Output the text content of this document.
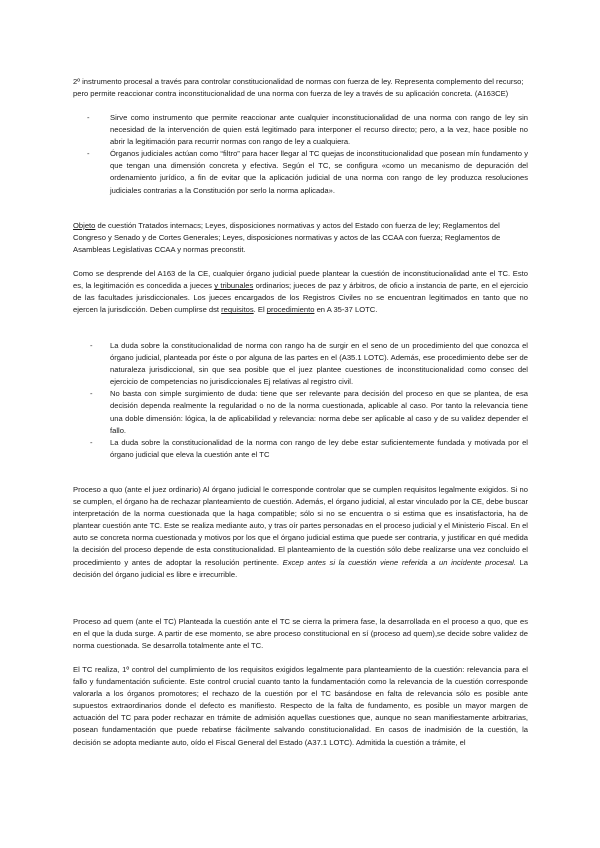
2º instrumento procesal a través para controlar constitucionalidad de normas con fuerza de ley. Representa complemento del recurso; pero permite reaccionar contra inconstitucionalidad de una norma con fuerza de ley a través de su aplicación concreta. (A163CE)

- Sirve como instrumento que permite reaccionar ante cualquier inconstitucionalidad de una norma con rango de ley sin necesidad de la intervención de quien está legitimado para interponer el recurso directo; pero, a la vez, hace posible no abrir la legitimación para recurrir normas con rango de ley a cualquiera.
- Órganos judiciales actúan como “filtro” para hacer llegar al TC quejas de inconstitucionalidad que posean mín fundamento y que tengan una dimensión concreta y efectiva. Según el TC, se configura «como un mecanismo de depuración del ordenamiento jurídico, a fin de evitar que la aplicación judicial de una norma con rango de ley produzca resoluciones judiciales contrarias a la Constitución por serlo la norma aplicada».

Objeto de cuestión Tratados internacs; Leyes, disposiciones normativas y actos del Estado con fuerza de ley; Reglamentos del Congreso y Senado y de Cortes Generales; Leyes, disposiciones normativas y actos de las CCAA con fuerza; Reglamentos de Asambleas Legislativas CCAA y normas preconstit.

Como se desprende del A163 de la CE, cualquier órgano judicial puede plantear la cuestión de inconstitucionalidad ante el TC. Esto es, la legitimación es concedida a jueces y tribunales ordinarios; jueces de paz y árbitros, de oficio a instancia de parte, en el ejercicio de las facultades jurisdiccionales. Los jueces encargados de los Registros Civiles no se encuentran legitimados en tanto que no ejercen la jurisdicción. Deben cumplirse dst requisitos. El procedimiento en A 35-37 LOTC.

- La duda sobre la constitucionalidad de norma con rango ha de surgir en el seno de un procedimiento del que conozca el órgano judicial, planteada por éste o por alguna de las partes en el (A35.1 LOTC). Además, ese procedimiento debe ser de naturaleza jurisdiccional, sin que sea posible que el juez plantee cuestiones de inconstitucionalidad como consec del ejercicio de competencias no jurisdiccionales Ej relativas al registro civil.
- No basta con simple surgimiento de duda: tiene que ser relevante para decisión del proceso en que se plantea, de esa decisión dependa realmente la regularidad o no de la norma cuestionada, aplicable al caso. Por tanto la relevancia tiene una doble dimensión: lógica, la de aplicabilidad y relevancia: norma debe ser aplicable al caso y de su validez depender el fallo.
- La duda sobre la constitucionalidad de la norma con rango de ley debe estar suficientemente fundada y motivada por el órgano judicial que eleva la cuestión ante el TC

Proceso a quo (ante el juez ordinario) Al órgano judicial le corresponde controlar que se cumplen requisitos legalmente exigidos. Si no se cumplen, el órgano ha de rechazar planteamiento de cuestión. Además, el órgano judicial, al estar vinculado por la CE, debe buscar interpretación de la norma cuestionada que la haga compatible; sólo si no se encuentra o si estima que es insatisfactoria, ha de plantear cuestión ante TC. Este se realiza mediante auto, y tras oír partes personadas en el proceso judicial y el Ministerio Fiscal. En el auto se concreta norma cuestionada y motivos por los que el órgano judicial estima que puede ser contraria, y justificar en qué medida la decisión del proceso depende de esta constitucionalidad. El planteamiento de la cuestión sólo debe realizarse una vez concluido el procedimiento y antes de adoptar la resolución pertinente. Excep antes si la cuestión viene referida a un incidente procesal. La decisión del órgano judicial es libre e irrecurrible.

Proceso ad quem (ante el TC) Planteada la cuestión ante el TC se cierra la primera fase, la desarrollada en el proceso a quo, que es en el que la duda surge. A partir de ese momento, se abre proceso constitucional en sí (proceso ad quem),se decide sobre validez de norma cuestionada. Se desarrolla totalmente ante el TC.

El TC realiza, 1º control del cumplimiento de los requisitos exigidos legalmente para planteamiento de la cuestión: relevancia para el fallo y fundamentación suficiente. Este control crucial cuanto tanto la fundamentación como la relevancia de la cuestión corresponde valorarla a los órganos promotores; el rechazo de la cuestión por el TC basándose en falta de relevancia sólo es posible ante supuestos extraordinarios donde el defecto es manifiesto. Respecto de la falta de fundamento, es posible un mayor margen de actuación del TC para poder rechazar en trámite de admisión aquellas cuestiones que, aunque no sean manifiestamente arbitrarias, posean fundamentación que puede rebatirse fácilmente salvando constitucionalidad. En casos de inadmisión de la cuestión, la decisión se adopta mediante auto, oído el Fiscal General del Estado (A37.1 LOTC). Admitida la cuestión a trámite, el
